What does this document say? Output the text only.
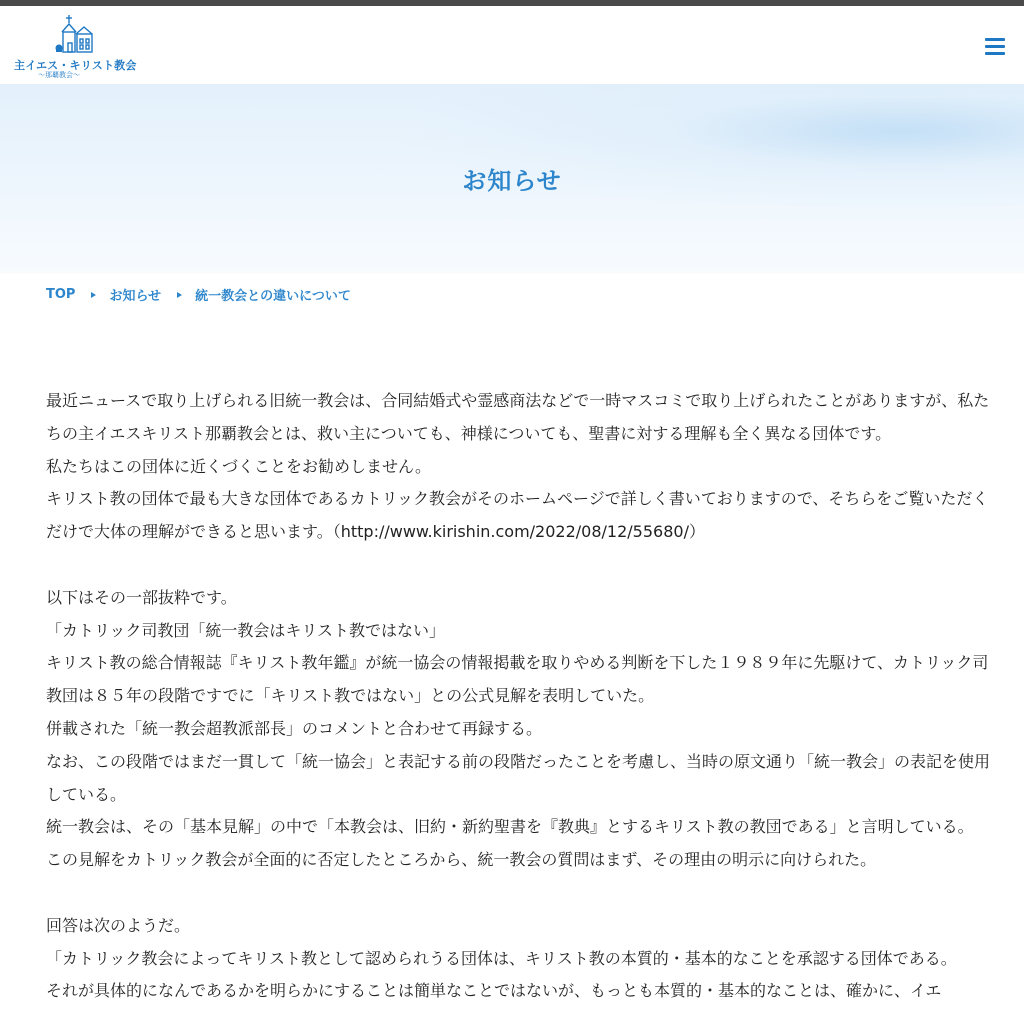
主イエス・キリスト教会
～那覇教会～
お知らせ
TOP	お知らせ	統一教会との違いについて

最近ニュースで取り上げられる旧統一教会は、合同結婚式や霊感商法などで一時マスコミで取り上げられたことがありますが、私たちの主イエスキリスト那覇教会とは、救い主についても、神様についても、聖書に対する理解も全く異なる団体です。

私たちはこの団体に近くづくことをお勧めしません。

キリスト教の団体で最も大きな団体であるカトリック教会がそのホームページで詳しく書いておりますので、そちらをご覧いただくだけで大体の理解ができると思います。（http://www.kirishin.com/2022/08/12/55680/）

以下はその一部抜粋です。

「カトリック司教団「統一教会はキリスト教ではない」

キリスト教の総合情報誌『キリスト教年鑑』が統一協会の情報掲載を取りやめる判断を下した１９８９年に先駆けて、カトリック司教団は８５年の段階ですでに「キリスト教ではない」との公式見解を表明していた。

併載された「統一教会超教派部長」のコメントと合わせて再録する。

なお、この段階ではまだ一貫して「統一協会」と表記する前の段階だったことを考慮し、当時の原文通り「統一教会」の表記を使用している。

統一教会は、その「基本見解」の中で「本教会は、旧約・新約聖書を『教典』とするキリスト教の教団である」と言明している。

この見解をカトリック教会が全面的に否定したところから、統一教会の質問はまず、その理由の明示に向けられた。

回答は次のようだ。

「カトリック教会によってキリスト教として認められうる団体は、キリスト教の本質的・基本的なことを承認する団体である。

それが具体的になんであるかを明らかにすることは簡単なことではないが、もっとも本質的・基本的なことは、確かに、イエ
